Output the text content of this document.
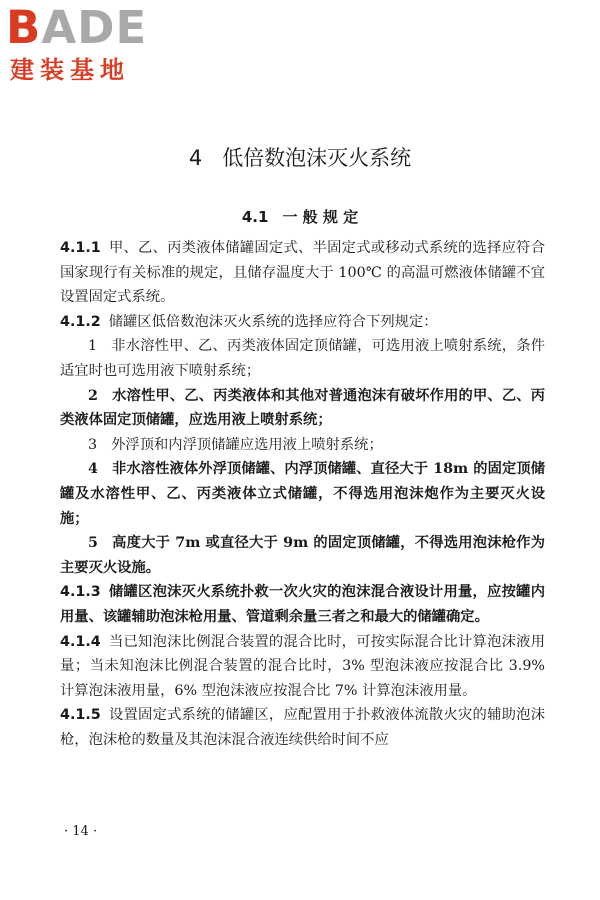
BADE
建装基地
4 低倍数泡沫灭火系统
4.1 一 般 规 定

4.1.1 甲、乙、丙类液体储罐固定式、半固定式或移动式系统的选择应符合国家现行有关标准的规定，且储存温度大于 100℃ 的高温可燃液体储罐不宜设置固定式系统。

4.1.2 储罐区低倍数泡沫灭火系统的选择应符合下列规定：

1 非水溶性甲、乙、丙类液体固定顶储罐，可选用液上喷射系统，条件适宜时也可选用液下喷射系统；

2 水溶性甲、乙、丙类液体和其他对普通泡沫有破坏作用的甲、乙、丙类液体固定顶储罐，应选用液上喷射系统；

3 外浮顶和内浮顶储罐应选用液上喷射系统；

4 非水溶性液体外浮顶储罐、内浮顶储罐、直径大于 18m 的固定顶储罐及水溶性甲、乙、丙类液体立式储罐，不得选用泡沫炮作为主要灭火设施；

5 高度大于 7m 或直径大于 9m 的固定顶储罐，不得选用泡沫枪作为主要灭火设施。

4.1.3 储罐区泡沫灭火系统扑救一次火灾的泡沫混合液设计用量，应按罐内用量、该罐辅助泡沫枪用量、管道剩余量三者之和最大的储罐确定。

4.1.4 当已知泡沫比例混合装置的混合比时，可按实际混合比计算泡沫液用量；当未知泡沫比例混合装置的混合比时，3% 型泡沫液应按混合比 3.9% 计算泡沫液用量，6% 型泡沫液应按混合比 7% 计算泡沫液用量。

4.1.5 设置固定式系统的储罐区，应配置用于扑救液体流散火灾的辅助泡沫枪，泡沫枪的数量及其泡沫混合液连续供给时间不应

· 14 ·
